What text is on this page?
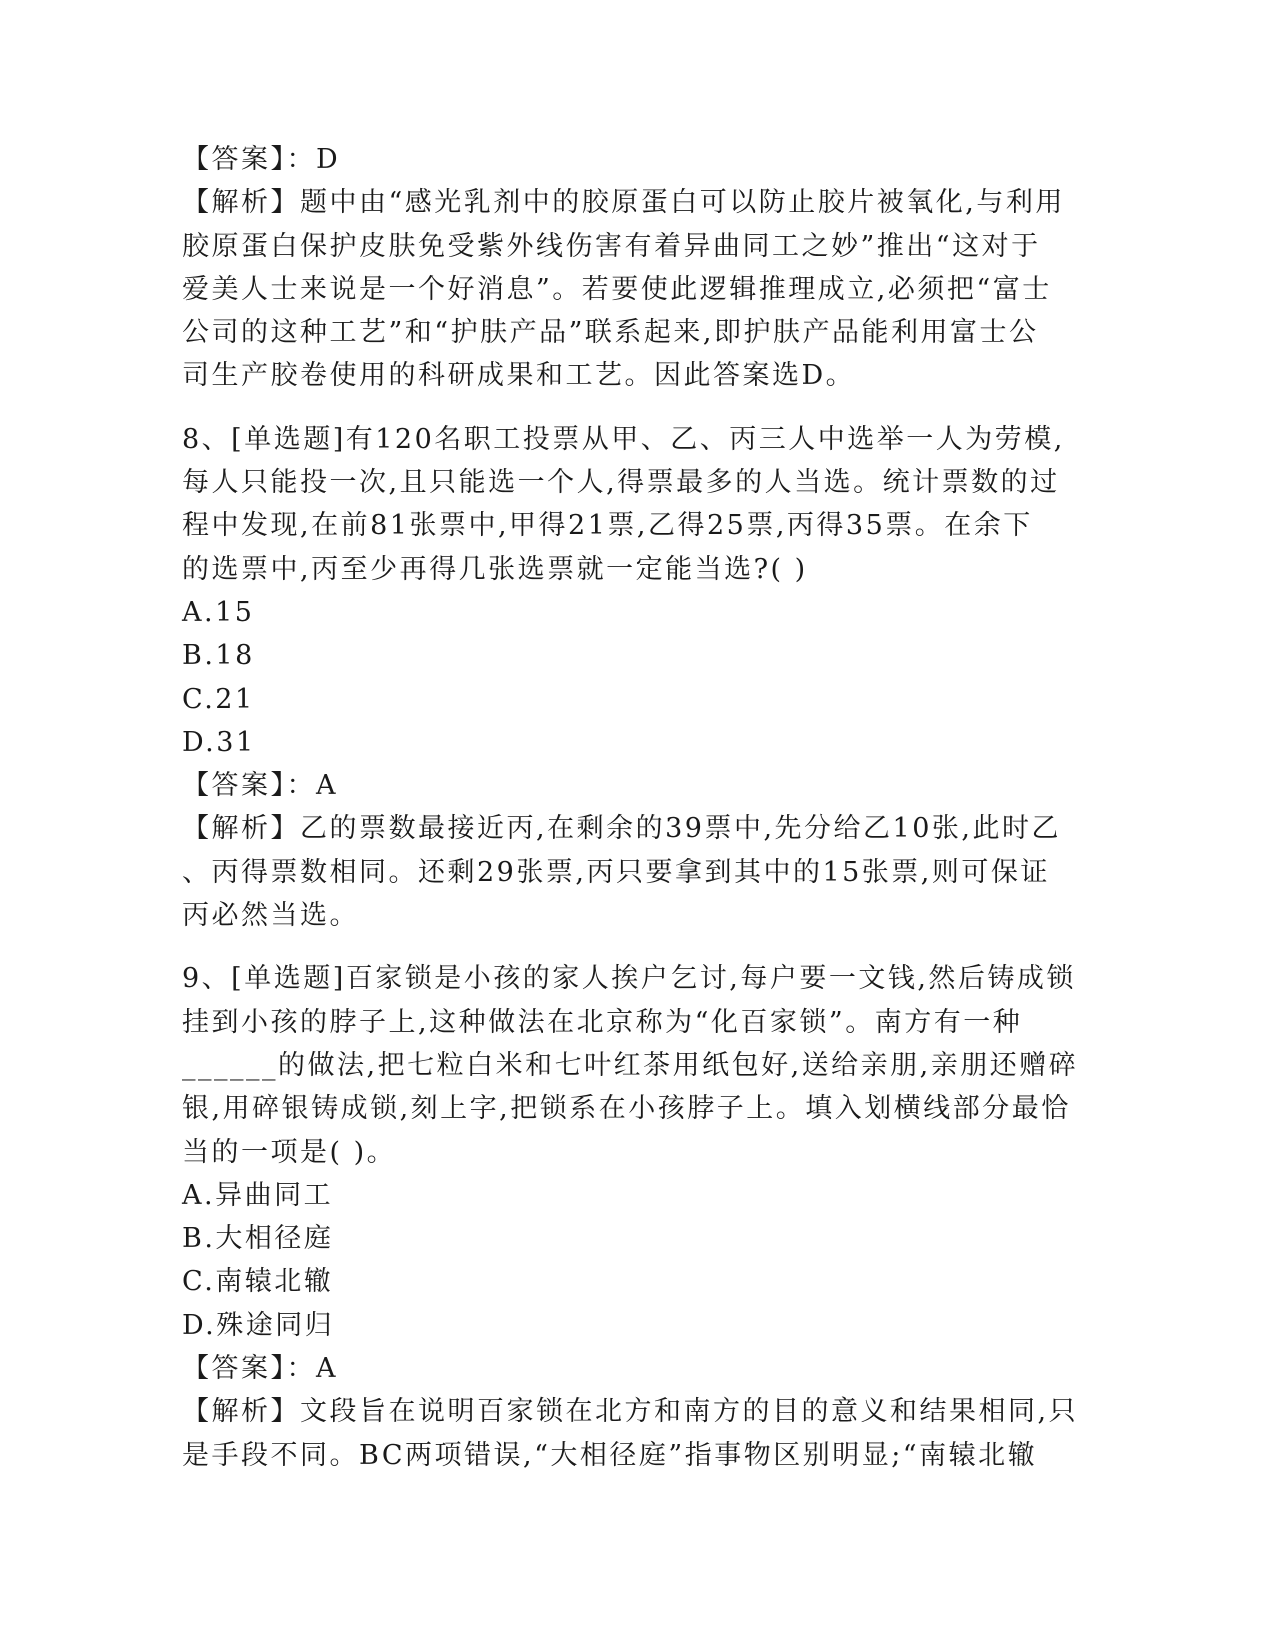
【答案】：D
【解析】题中由“感光乳剂中的胶原蛋白可以防止胶片被氧化,与利用
胶原蛋白保护皮肤免受紫外线伤害有着异曲同工之妙”推出“这对于
爱美人士来说是一个好消息”。若要使此逻辑推理成立,必须把“富士
公司的这种工艺”和“护肤产品”联系起来,即护肤产品能利用富士公
司生产胶卷使用的科研成果和工艺。因此答案选D。
8、[单选题]有120名职工投票从甲、乙、丙三人中选举一人为劳模,
每人只能投一次,且只能选一个人,得票最多的人当选。统计票数的过
程中发现,在前81张票中,甲得21票,乙得25票,丙得35票。在余下
的选票中,丙至少再得几张选票就一定能当选?( )
A.15
B.18
C.21
D.31
【答案】：A
【解析】乙的票数最接近丙,在剩余的39票中,先分给乙10张,此时乙
、丙得票数相同。还剩29张票,丙只要拿到其中的15张票,则可保证
丙必然当选。
9、[单选题]百家锁是小孩的家人挨户乞讨,每户要一文钱,然后铸成锁
挂到小孩的脖子上,这种做法在北京称为“化百家锁”。南方有一种
______的做法,把七粒白米和七叶红茶用纸包好,送给亲朋,亲朋还赠碎
银,用碎银铸成锁,刻上字,把锁系在小孩脖子上。填入划横线部分最恰
当的一项是( )。
A.异曲同工
B.大相径庭
C.南辕北辙
D.殊途同归
【答案】：A
【解析】文段旨在说明百家锁在北方和南方的目的意义和结果相同,只
是手段不同。BC两项错误,“大相径庭”指事物区别明显;“南辕北辙
